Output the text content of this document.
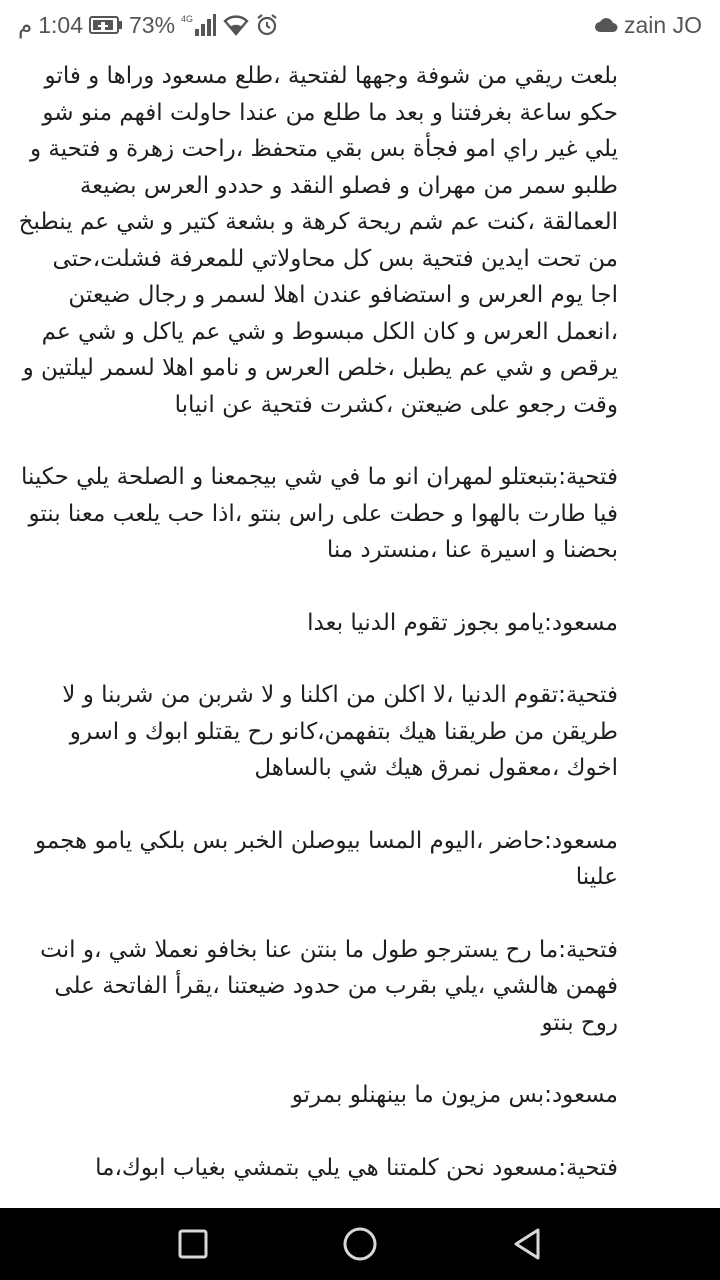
م 1:04 73% 4G	zain JO

بلعت ريقي من شوفة وجهها لفتحية ،طلع مسعود وراها و فاتو حكو ساعة بغرفتنا و بعد ما طلع من عندا حاولت افهم منو شو يلي غير راي امو فجأة بس بقي متحفظ ،راحت زهرة و فتحية و طلبو سمر من مهران و فصلو النقد و حددو العرس بضيعة العمالقة ،كنت عم شم ريحة كرهة و بشعة كتير و شي عم ينطبخ من تحت ايدين فتحية بس كل محاولاتي للمعرفة فشلت،حتى اجا يوم العرس و استضافو عندن اهلا لسمر و رجال ضيعتن ،انعمل العرس و كان الكل مبسوط و شي عم ياكل و شي عم يرقص و شي عم يطبل ،خلص العرس و نامو اهلا لسمر ليلتين و وقت رجعو على ضيعتن ،كشرت فتحية عن انيابا

فتحية:بتبعتلو لمهران انو ما في شي بيجمعنا و الصلحة يلي حكينا فيا طارت بالهوا و حطت على راس بنتو ،اذا حب يلعب معنا بنتو بحضنا و اسيرة عنا ،منسترد منا

مسعود:يامو بجوز تقوم الدنيا بعدا

فتحية:تقوم الدنيا ،لا اكلن من اكلنا و لا شربن من شربنا و لا طريقن من طريقنا هيك بتفهمن،كانو رح يقتلو ابوك و اسرو اخوك ،معقول نمرق هيك شي بالساهل

مسعود:حاضر ،اليوم المسا بيوصلن الخبر بس بلكي يامو هجمو علينا

فتحية:ما رح يسترجو طول ما بنتن عنا بخافو نعملا شي ،و انت فهمن هالشي ،يلي بقرب من حدود ضيعتنا ،يقرأ الفاتحة على روح بنتو

مسعود:بس مزيون ما بينهنلو بمرتو

فتحية:مسعود نحن كلمتنا هي يلي بتمشي بغياب ابوك،ما
